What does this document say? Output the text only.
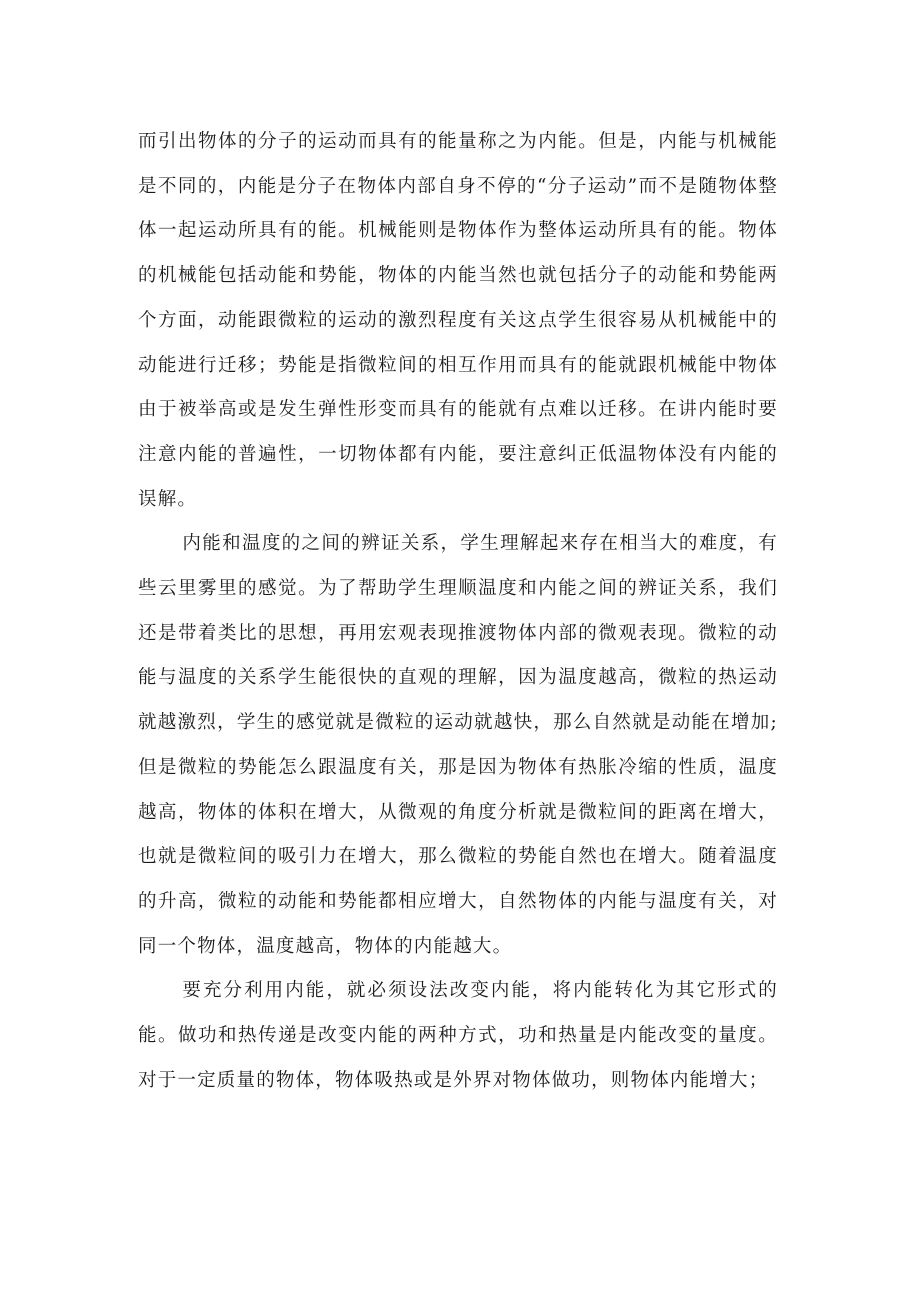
而引出物体的分子的运动而具有的能量称之为内能。但是，内能与机械能是不同的，内能是分子在物体内部自身不停的“分子运动”而不是随物体整体一起运动所具有的能。机械能则是物体作为整体运动所具有的能。物体的机械能包括动能和势能，物体的内能当然也就包括分子的动能和势能两个方面，动能跟微粒的运动的激烈程度有关这点学生很容易从机械能中的动能进行迁移；势能是指微粒间的相互作用而具有的能就跟机械能中物体由于被举高或是发生弹性形变而具有的能就有点难以迁移。在讲内能时要注意内能的普遍性，一切物体都有内能，要注意纠正低温物体没有内能的误解。

内能和温度的之间的辨证关系，学生理解起来存在相当大的难度，有些云里雾里的感觉。为了帮助学生理顺温度和内能之间的辨证关系，我们还是带着类比的思想，再用宏观表现推渡物体内部的微观表现。微粒的动能与温度的关系学生能很快的直观的理解，因为温度越高，微粒的热运动就越激烈，学生的感觉就是微粒的运动就越快，那么自然就是动能在增加;但是微粒的势能怎么跟温度有关，那是因为物体有热胀冷缩的性质，温度越高，物体的体积在增大，从微观的角度分析就是微粒间的距离在增大，也就是微粒间的吸引力在增大，那么微粒的势能自然也在增大。随着温度的升高，微粒的动能和势能都相应增大，自然物体的内能与温度有关，对同一个物体，温度越高，物体的内能越大。

要充分利用内能，就必须设法改变内能，将内能转化为其它形式的能。做功和热传递是改变内能的两种方式，功和热量是内能改变的量度。对于一定质量的物体，物体吸热或是外界对物体做功，则物体内能增大；
